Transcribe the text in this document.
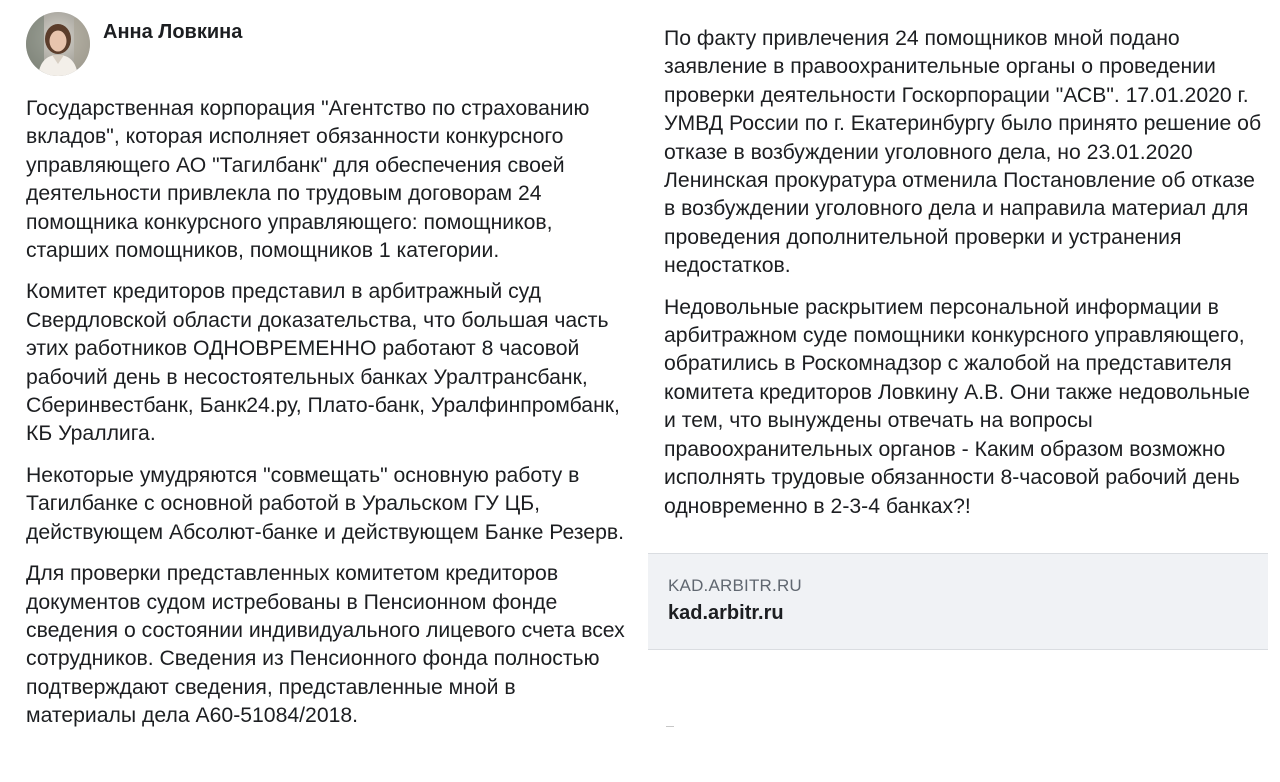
Анна Ловкина

Государственная корпорация "Агентство по страхованию вкладов", которая исполняет обязанности конкурсного управляющего АО "Тагилбанк" для обеспечения своей деятельности привлекла по трудовым договорам 24 помощника конкурсного управляющего: помощников, старших помощников, помощников 1 категории.

Комитет кредиторов представил в арбитражный суд Свердловской области доказательства, что большая часть этих работников ОДНОВРЕМЕННО работают 8 часовой рабочий день в несостоятельных банках Уралтрансбанк, Сберинвестбанк, Банк24.ру, Плато-банк, Уралфинпромбанк, КБ Ураллига.

Некоторые умудряются "совмещать" основную работу в Тагилбанке с основной работой в Уральском ГУ ЦБ, действующем Абсолют-банке и действующем Банке Резерв.

Для проверки представленных комитетом кредиторов документов судом истребованы в Пенсионном фонде сведения о состоянии индивидуального лицевого счета всех сотрудников. Сведения из Пенсионного фонда полностью подтверждают сведения, представленные мной в материалы дела А60-51084/2018.

По факту привлечения 24 помощников мной подано заявление в правоохранительные органы о проведении проверки деятельности Госкорпорации "АСВ". 17.01.2020 г. УМВД России по г. Екатеринбургу было принято решение об отказе в возбуждении уголовного дела, но 23.01.2020 Ленинская прокуратура отменила Постановление об отказе в возбуждении уголовного дела и направила материал для проведения дополнительной проверки и устранения недостатков.

Недовольные раскрытием персональной информации в арбитражном суде помощники конкурсного управляющего, обратились в Роскомнадзор с жалобой на представителя комитета кредиторов Ловкину А.В. Они также недовольные и тем, что вынуждены отвечать на вопросы правоохранительных органов - Каким образом возможно исполнять трудовые обязанности 8-часовой рабочий день одновременно в 2-3-4 банках?!

KAD.ARBITR.RU
kad.arbitr.ru
